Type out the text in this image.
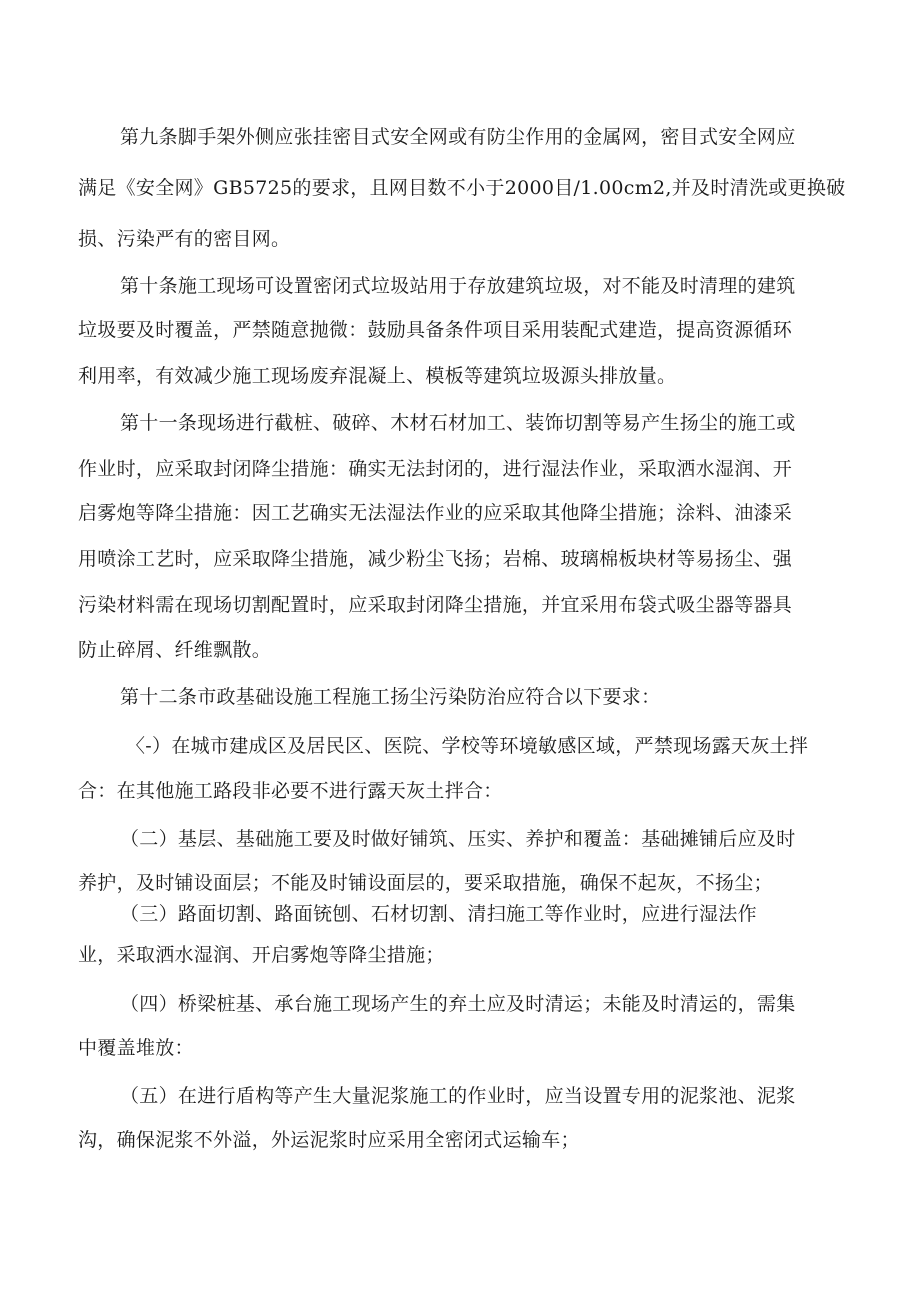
第九条脚手架外侧应张挂密目式安全网或有防尘作用的金属网，密目式安全网应
满足《安全网》GB5725的要求，且网目数不小于2000目/1.00cm2,并及时清洗或更换破
损、污染严有的密目网。
第十条施工现场可设置密闭式垃圾站用于存放建筑垃圾，对不能及时清理的建筑
垃圾要及时覆盖，严禁随意抛微：鼓励具备条件项目采用装配式建造，提高资源循环
利用率，有效减少施工现场废弃混凝上、模板等建筑垃圾源头排放量。
第十一条现场进行截桩、破碎、木材石材加工、装饰切割等易产生扬尘的施工或
作业时，应采取封闭降尘措施：确实无法封闭的，进行湿法作业，采取洒水湿润、开
启雾炮等降尘措施：因工艺确实无法湿法作业的应采取其他降尘措施；涂料、油漆采
用喷涂工艺时，应采取降尘措施，减少粉尘飞扬；岩棉、玻璃棉板块材等易扬尘、强
污染材料需在现场切割配置时，应采取封闭降尘措施，并宜采用布袋式吸尘器等器具
防止碎屑、纤维飘散。
第十二条市政基础设施工程施工扬尘污染防治应符合以下要求：
〈-）在城市建成区及居民区、医院、学校等环境敏感区域，严禁现场露天灰土拌
合：在其他施工路段非必要不进行露天灰土拌合：
（二）基层、基础施工要及时做好铺筑、压实、养护和覆盖：基础摊铺后应及时
养护，及时铺设面层；不能及时铺设面层的，要采取措施，确保不起灰，不扬尘；
（三）路面切割、路面铳刨、石材切割、清扫施工等作业时，应进行湿法作
业，采取洒水湿润、开启雾炮等降尘措施；
（四）桥梁桩基、承台施工现场产生的弃土应及时清运；未能及时清运的，需集
中覆盖堆放：
（五）在进行盾构等产生大量泥浆施工的作业时，应当设置专用的泥浆池、泥浆
沟，确保泥浆不外溢，外运泥浆时应采用全密闭式运输车；
